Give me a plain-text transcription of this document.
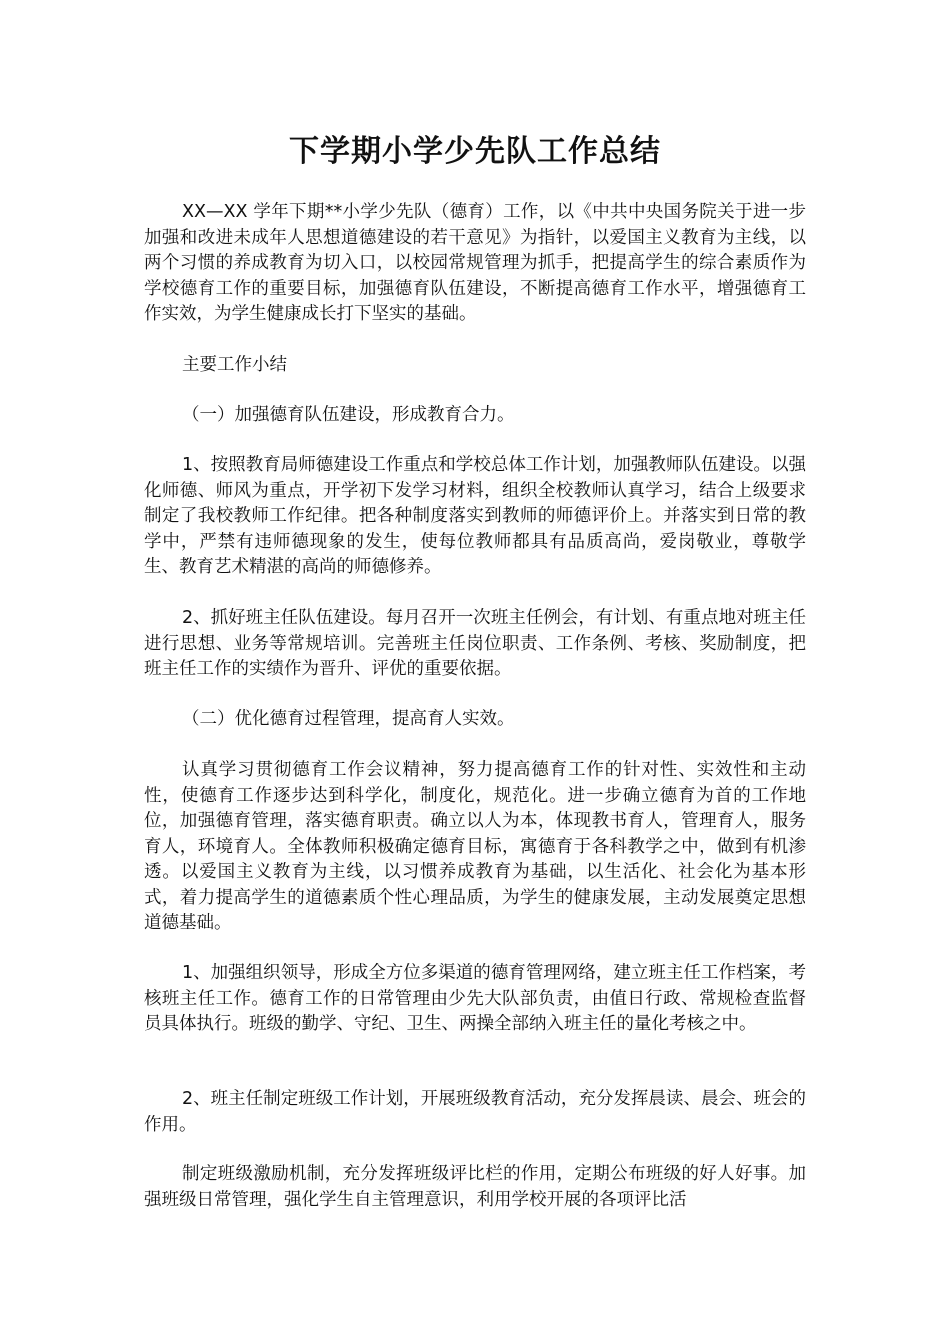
下学期小学少先队工作总结

XX—XX 学年下期**小学少先队（德育）工作，以《中共中央国务院关于进一步加强和改进未成年人思想道德建设的若干意见》为指针，以爱国主义教育为主线，以两个习惯的养成教育为切入口，以校园常规管理为抓手，把提高学生的综合素质作为学校德育工作的重要目标，加强德育队伍建设，不断提高德育工作水平，增强德育工作实效，为学生健康成长打下坚实的基础。

主要工作小结

（一）加强德育队伍建设，形成教育合力。

1、按照教育局师德建设工作重点和学校总体工作计划，加强教师队伍建设。以强化师德、师风为重点，开学初下发学习材料，组织全校教师认真学习，结合上级要求制定了我校教师工作纪律。把各种制度落实到教师的师德评价上。并落实到日常的教学中，严禁有违师德现象的发生，使每位教师都具有品质高尚，爱岗敬业，尊敬学生、教育艺术精湛的高尚的师德修养。

2、抓好班主任队伍建设。每月召开一次班主任例会，有计划、有重点地对班主任进行思想、业务等常规培训。完善班主任岗位职责、工作条例、考核、奖励制度，把班主任工作的实绩作为晋升、评优的重要依据。

（二）优化德育过程管理，提高育人实效。

认真学习贯彻德育工作会议精神，努力提高德育工作的针对性、实效性和主动性，使德育工作逐步达到科学化，制度化，规范化。进一步确立德育为首的工作地位，加强德育管理，落实德育职责。确立以人为本，体现教书育人，管理育人，服务育人，环境育人。全体教师积极确定德育目标，寓德育于各科教学之中，做到有机渗透。以爱国主义教育为主线，以习惯养成教育为基础，以生活化、社会化为基本形式，着力提高学生的道德素质个性心理品质，为学生的健康发展，主动发展奠定思想道德基础。

1、加强组织领导，形成全方位多渠道的德育管理网络，建立班主任工作档案，考核班主任工作。德育工作的日常管理由少先大队部负责，由值日行政、常规检查监督员具体执行。班级的勤学、守纪、卫生、两操全部纳入班主任的量化考核之中。

2、班主任制定班级工作计划，开展班级教育活动，充分发挥晨读、晨会、班会的作用。

制定班级激励机制，充分发挥班级评比栏的作用，定期公布班级的好人好事。加强班级日常管理，强化学生自主管理意识，利用学校开展的各项评比活
